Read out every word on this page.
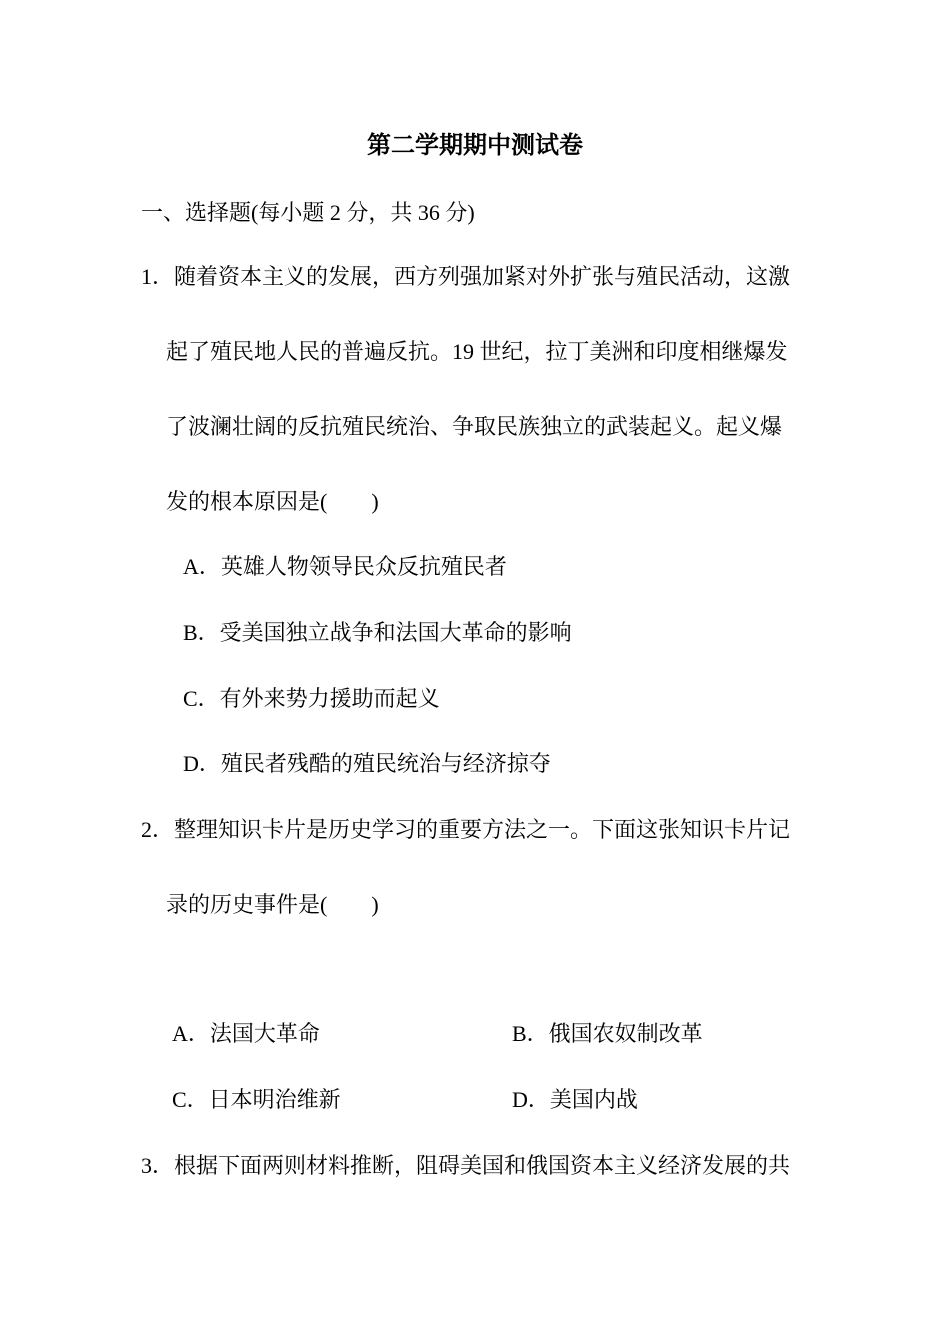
第二学期期中测试卷
一、选择题(每小题 2 分，共 36 分)
1．随着资本主义的发展，西方列强加紧对外扩张与殖民活动，这激
起了殖民地人民的普遍反抗。19 世纪，拉丁美洲和印度相继爆发
了波澜壮阔的反抗殖民统治、争取民族独立的武装起义。起义爆
发的根本原因是(　　)
A．英雄人物领导民众反抗殖民者
B．受美国独立战争和法国大革命的影响
C．有外来势力援助而起义
D．殖民者残酷的殖民统治与经济掠夺
2．整理知识卡片是历史学习的重要方法之一。下面这张知识卡片记
录的历史事件是(　　)
A．法国大革命	B．俄国农奴制改革
C．日本明治维新	D．美国内战
3．根据下面两则材料推断，阻碍美国和俄国资本主义经济发展的共
